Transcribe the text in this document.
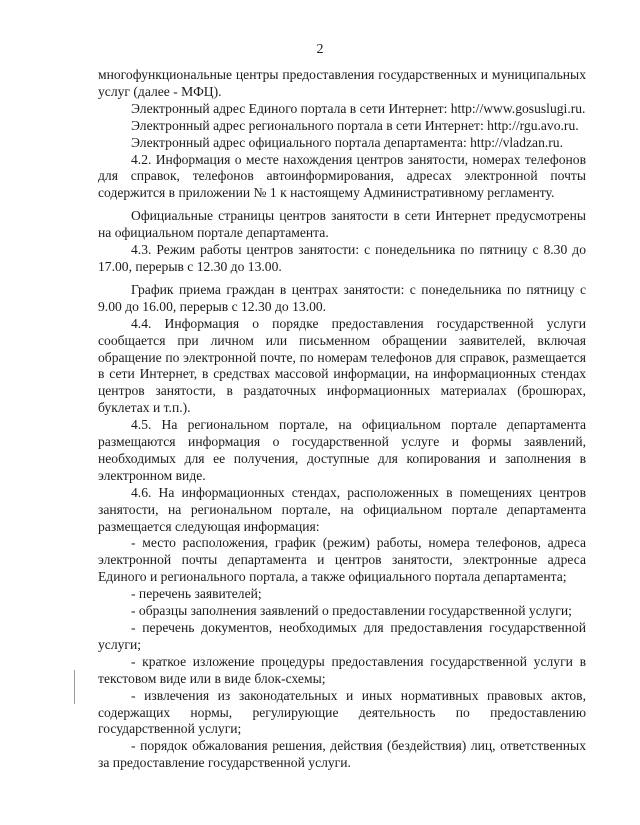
2

многофункциональные центры предоставления государственных и муниципальных услуг (далее - МФЦ).

Электронный адрес Единого портала в сети Интернет: http://www.gosuslugi.ru.

Электронный адрес регионального портала в сети Интернет: http://rgu.avo.ru.

Электронный адрес официального портала департамента: http://vladzan.ru.

4.2. Информация о месте нахождения центров занятости, номерах телефонов для справок, телефонов автоинформирования, адресах электронной почты содержится в приложении № 1 к настоящему Административному регламенту.

Официальные страницы центров занятости в сети Интернет предусмотрены на официальном портале департамента.

4.3. Режим работы центров занятости: с понедельника по пятницу с 8.30 до 17.00, перерыв с 12.30 до 13.00.

График приема граждан в центрах занятости: с понедельника по пятницу с 9.00 до 16.00, перерыв с 12.30 до 13.00.

4.4. Информация о порядке предоставления государственной услуги сообщается при личном или письменном обращении заявителей, включая обращение по электронной почте, по номерам телефонов для справок, размещается в сети Интернет, в средствах массовой информации, на информационных стендах центров занятости, в раздаточных информационных материалах (брошюрах, буклетах и т.п.).

4.5. На региональном портале, на официальном портале департамента размещаются информация о государственной услуге и формы заявлений, необходимых для ее получения, доступные для копирования и заполнения в электронном виде.

4.6. На информационных стендах, расположенных в помещениях центров занятости, на региональном портале, на официальном портале департамента размещается следующая информация:

- место расположения, график (режим) работы, номера телефонов, адреса электронной почты департамента и центров занятости, электронные адреса Единого и регионального портала, а также официального портала департамента;

- перечень заявителей;

- образцы заполнения заявлений о предоставлении государственной услуги;

- перечень документов, необходимых для предоставления государственной услуги;

- краткое изложение процедуры предоставления государственной услуги в текстовом виде или в виде блок-схемы;

- извлечения из законодательных и иных нормативных правовых актов, содержащих нормы, регулирующие деятельность по предоставлению государственной услуги;

- порядок обжалования решения, действия (бездействия) лиц, ответственных за предоставление государственной услуги.
